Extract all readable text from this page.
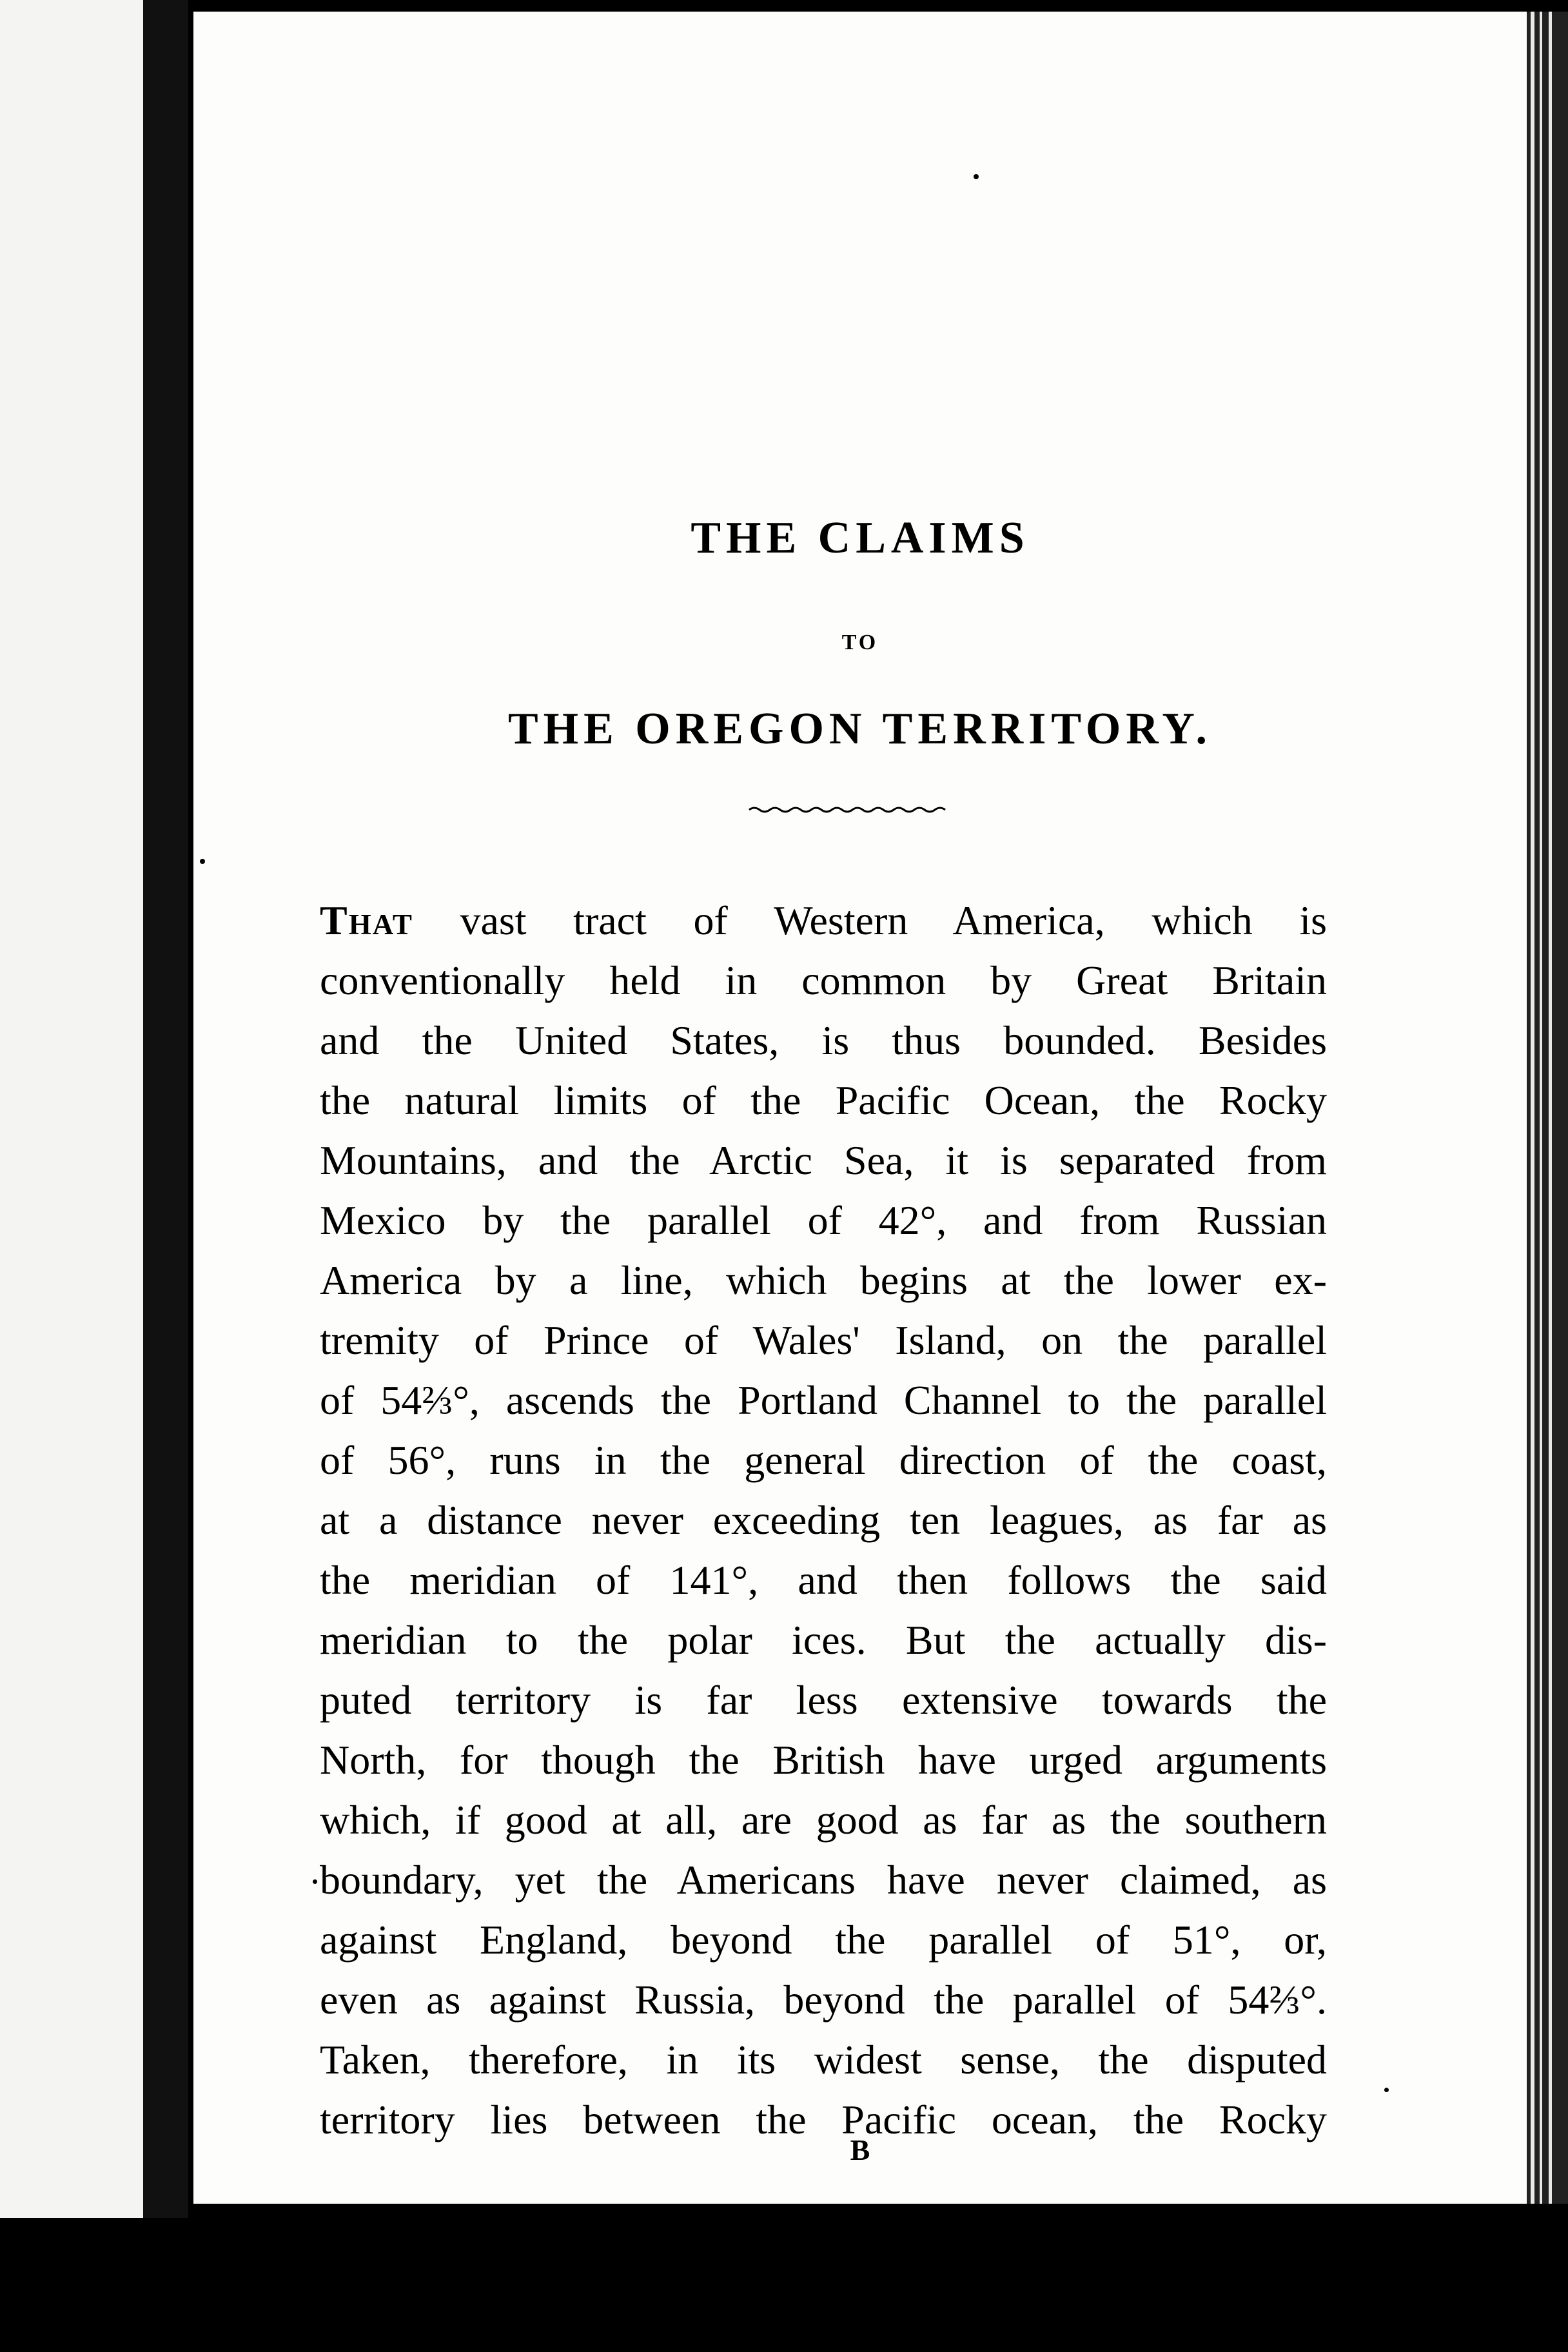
THE CLAIMS
TO
THE OREGON TERRITORY.
That vast tract of Western America, which is
conventionally held in common by Great Britain
and the United States, is thus bounded. Besides
the natural limits of the Pacific Ocean, the Rocky
Mountains, and the Arctic Sea, it is separated from
Mexico by the parallel of 42°, and from Russian
America by a line, which begins at the lower ex-
tremity of Prince of Wales' Island, on the parallel
of 54⅔°, ascends the Portland Channel to the parallel
of 56°, runs in the general direction of the coast,
at a distance never exceeding ten leagues, as far as
the meridian of 141°, and then follows the said
meridian to the polar ices. But the actually dis-
puted territory is far less extensive towards the
North, for though the British have urged arguments
which, if good at all, are good as far as the southern
boundary, yet the Americans have never claimed, as
against England, beyond the parallel of 51°, or,
even as against Russia, beyond the parallel of 54⅔°.
Taken, therefore, in its widest sense, the disputed
territory lies between the Pacific ocean, the Rocky
B
